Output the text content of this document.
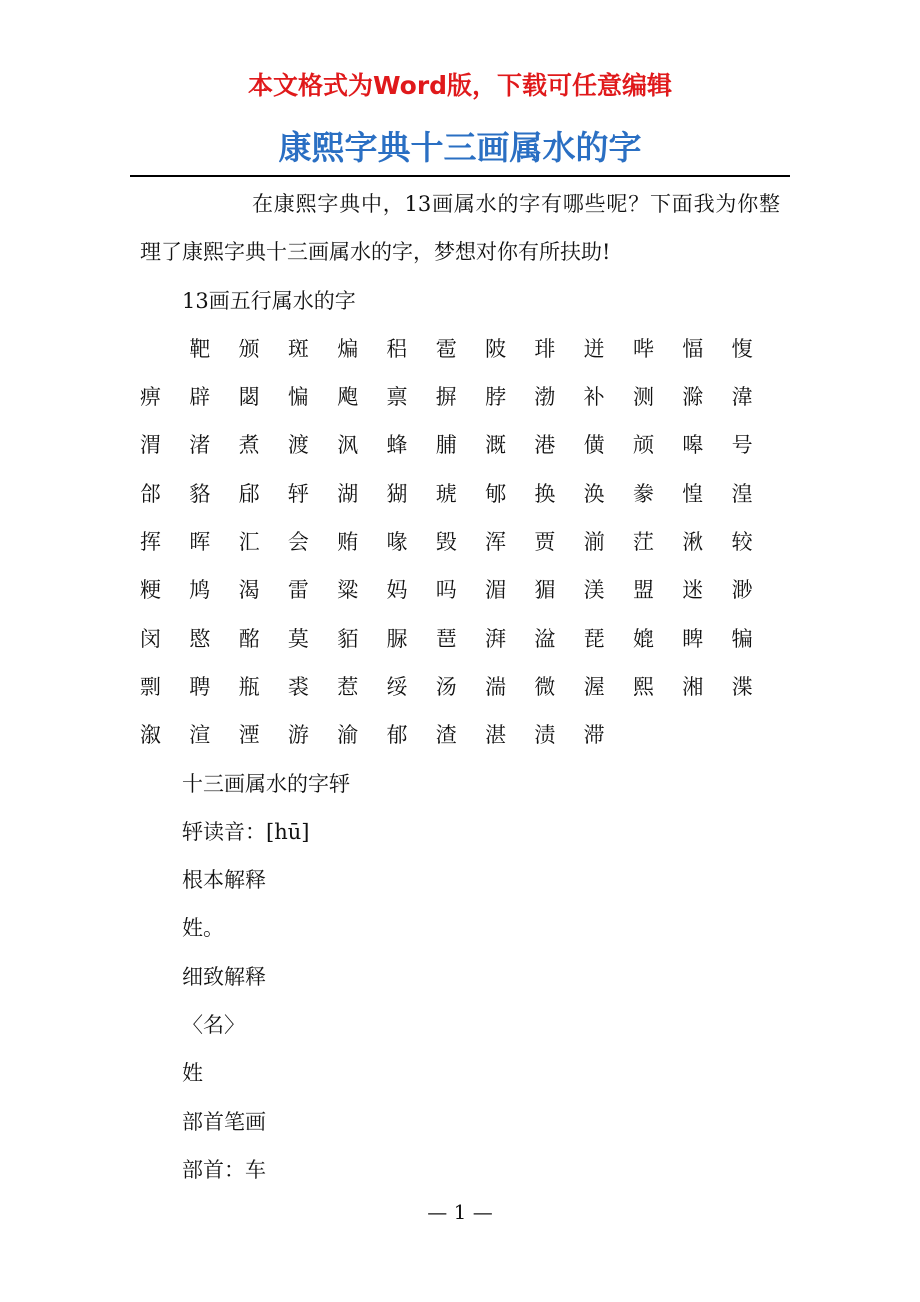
本文格式为Word版，下载可任意编辑
康熙字典十三画属水的字

在康熙字典中，13画属水的字有哪些呢？下面我为你整理了康熙字典十三画属水的字，梦想对你有所扶助!

13画五行属水的字

靶 颁 斑 煸 稆 雹 陂 琲 迸 哔 愊 愎
痹 辟 閟 惼 飑 禀 摒 脖 渤 补 测 滁 湋
渭 渚 煮 渡 沨 蜂 脯 溉 港 僙 颃 嗥 号
郃 貉 郈 轷 湖 猢 琥 郇 换 涣 豢 惶 湟
挥 晖 汇 会 贿 喙 毁 浑 贾 湔 茳 湫 较
粳 鸠 渴 雷 粱 妈 吗 湄 猸 渼 盟 迷 渺
闵 愍 酩 莫 貊 脲 琶 湃 湓 琵 媲 睥 犏
剽 聘 瓶 裘 惹 绥 汤 湍 微 渥 熙 湘 渫
溆 渲 湮 游 渝 郁 渣 湛 渍 滞

十三画属水的字轷

轷读音：[hū]

根本解释

姓。

细致解释

〈名〉

姓

部首笔画

部首：车

— 1 —
